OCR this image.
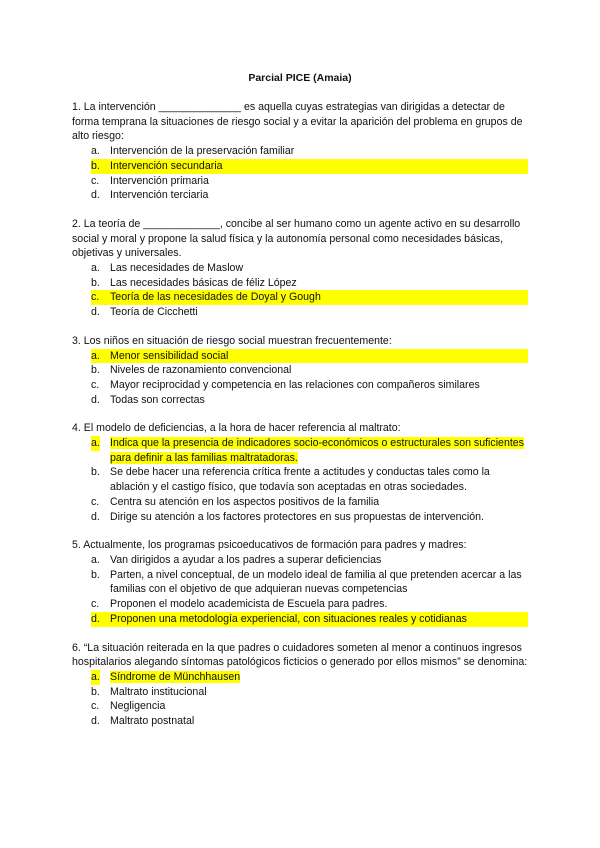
Parcial PICE (Amaia)

1. La intervención ______________ es aquella cuyas estrategias van dirigidas a detectar de forma temprana la situaciones de riesgo social y a evitar la aparición del problema en grupos de alto riesgo:

a. Intervención de la preservación familiar
b. Intervención secundaria
c. Intervención primaria
d. Intervención terciaria

2. La teoría de _____________, concibe al ser humano como un agente activo en su desarrollo social y moral y propone la salud física y la autonomía personal como necesidades básicas, objetivas y universales.

a. Las necesidades de Maslow
b. Las necesidades básicas de féliz López
c. Teoría de las necesidades de Doyal y Gough
d. Teoría de Cicchetti

3. Los niños en situación de riesgo social muestran frecuentemente:

a. Menor sensibilidad social
b. Niveles de razonamiento convencional
c. Mayor reciprocidad y competencia en las relaciones con compañeros similares
d. Todas son correctas

4. El modelo de deficiencias, a la hora de hacer referencia al maltrato:

a. Indica que la presencia de indicadores socio-económicos o estructurales son suficientes para definir a las familias maltratadoras.
b. Se debe hacer una referencia crítica frente a actitudes y conductas tales como la ablación y el castigo físico, que todavía son aceptadas en otras sociedades.
c. Centra su atención en los aspectos positivos de la familia
d. Dirige su atención a los factores protectores en sus propuestas de intervención.

5. Actualmente, los programas psicoeducativos de formación para padres y madres:

a. Van dirigidos a ayudar a los padres a superar deficiencias
b. Parten, a nivel conceptual, de un modelo ideal de familia al que pretenden acercar a las familias con el objetivo de que adquieran nuevas competencias
c. Proponen el modelo academicista de Escuela para padres.
d. Proponen una metodología experiencial, con situaciones reales y cotidianas

6. “La situación reiterada en la que padres o cuidadores someten al menor a continuos ingresos hospitalarios alegando síntomas patológicos ficticios o generado por ellos mismos” se denomina:

a. Síndrome de Münchhausen
b. Maltrato institucional
c. Negligencia
d. Maltrato postnatal
